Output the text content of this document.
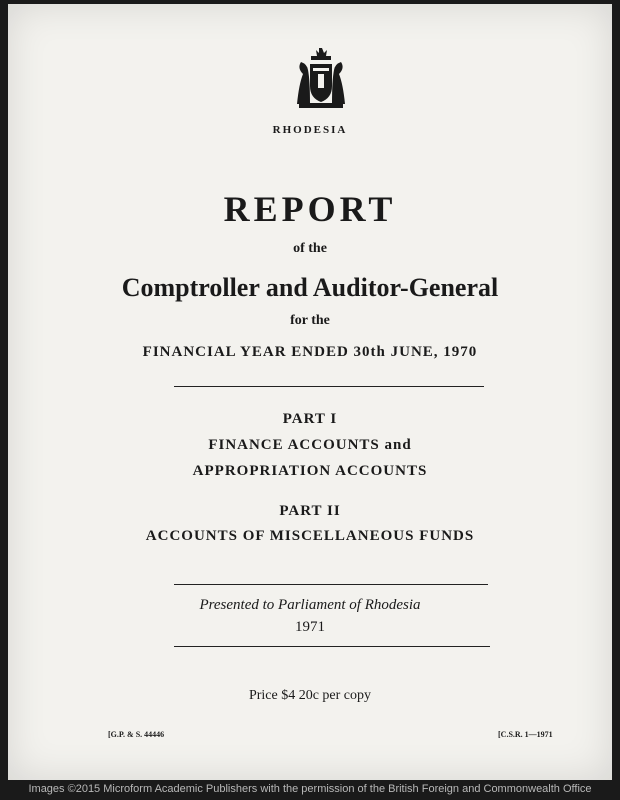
RHODESIA
REPORT
of the
Comptroller and Auditor-General
for the
FINANCIAL YEAR ENDED 30th JUNE, 1970
PART I
FINANCE ACCOUNTS and
APPROPRIATION ACCOUNTS
PART II
ACCOUNTS OF MISCELLANEOUS FUNDS
Presented to Parliament of Rhodesia
1971
Price $4 20c per copy
[G.P. & S. 44446	[C.S.R. 1—1971
Images ©2015 Microform Academic Publishers with the permission of the British Foreign and Commonwealth Office
